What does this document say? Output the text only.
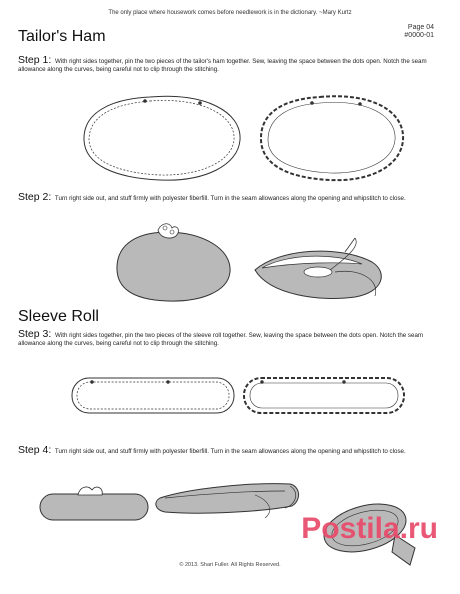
The only place where housework comes before needlework is in the dictionary. ~Mary Kurtz
Tailor's Ham
Page 04
#0000-01
Step 1: With right sides together, pin the two pieces of the tailor's ham together. Sew, leaving the space between the dots open. Notch the seam allowance along the curves, being careful not to clip through the stitching.
Step 2: Turn right side out, and stuff firmly with polyester fiberfill. Turn in the seam allowances along the opening and whipstitch to close.
Sleeve Roll
Step 3: With right sides together, pin the two pieces of the sleeve roll together. Sew, leaving the space between the dots open. Notch the seam allowance along the curves, being careful not to clip through the stitching.
Step 4: Turn right side out, and stuff firmly with polyester fiberfill. Turn in the seam allowances along the opening and whipstitch to close.
Postila.ru
© 2013. Shari Fuller. All Rights Reserved.
